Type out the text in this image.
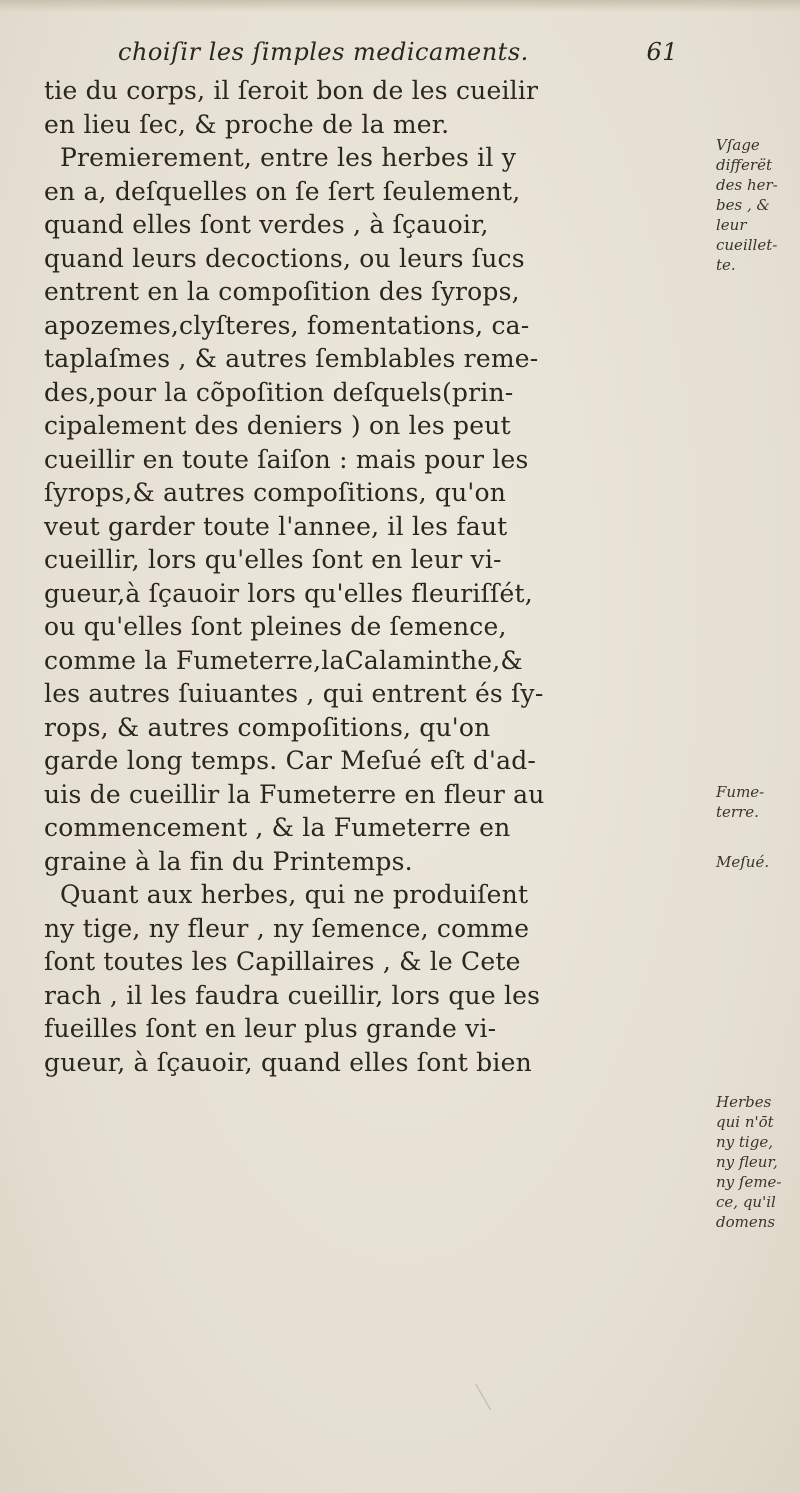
choiſir les ſimples medicaments.	61
tie du corps, il ſeroit bon de les cueilir
en lieu ſec, & proche de la mer.
Premierement, entre les herbes il y
en a, deſquelles on ſe ſert ſeulement,
quand elles ſont verdes , à ſçauoir,
quand leurs decoctions, ou leurs ſucs
entrent en la compoſition des ſyrops,
apozemes,clyſteres, fomentations, ca-
taplaſmes , & autres ſemblables reme-
des,pour la cõpoſition deſquels(prin-
cipalement des deniers ) on les peut
cueillir en toute ſaiſon : mais pour les
ſyrops,& autres compoſitions, qu'on
veut garder toute l'annee, il les faut
cueillir, lors qu'elles ſont en leur vi-
gueur,à ſçauoir lors qu'elles fleuriſſét,
ou qu'elles ſont pleines de ſemence,
comme la Fumeterre,laCalaminthe,&
les autres ſuiuantes , qui entrent és ſy-
rops, & autres compoſitions, qu'on
garde long temps. Car Meſué eſt d'ad-
uis de cueillir la Fumeterre en fleur au
commencement , & la Fumeterre en
graine à la fin du Printemps.
Quant aux herbes, qui ne produiſent
ny tige, ny fleur , ny ſemence, comme
ſont toutes les Capillaires , & le Cete
rach , il les faudra cueillir, lors que les
fueilles ſont en leur plus grande vi-
gueur, à ſçauoir, quand elles ſont bien
Vſage
differët
des her-
bes , &
leur
cueillet-
te.
Fume-
terre.
Meſué.
Herbes
qui n'ōt
ny tige,
ny fleur,
ny ſeme-
ce, qu'il
domens
